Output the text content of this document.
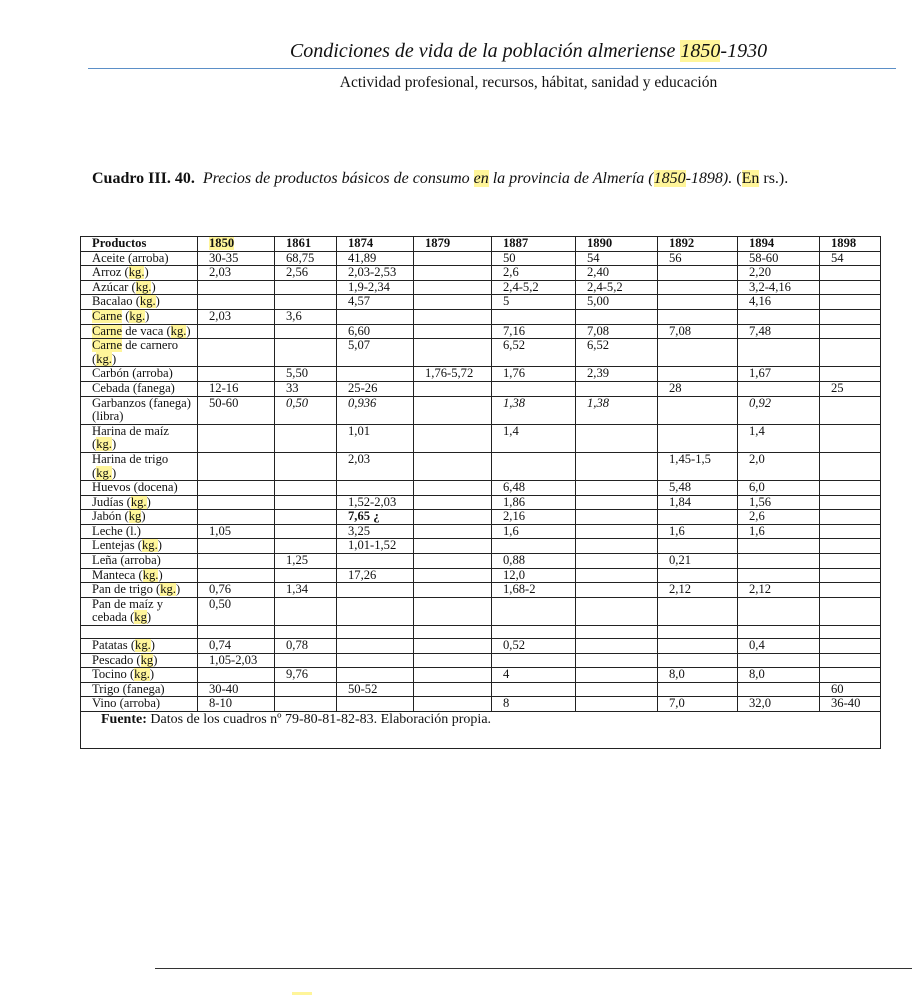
Condiciones de vida de la población almeriense 1850-1930
Actividad profesional, recursos, hábitat, sanidad y educación
Cuadro III. 40. Precios de productos básicos de consumo en la provincia de Almería (1850-1898). (En rs.).
Productos	1850	1861	1874	1879	1887	1890	1892	1894	1898
Aceite (arroba)	30-35	68,75	41,89		50	54	56	58-60	54
Arroz (kg.)	2,03	2,56	2,03-2,53		2,6	2,40		2,20	
Azúcar (kg.)			1,9-2,34		2,4-5,2	2,4-5,2		3,2-4,16	
Bacalao (kg.)			4,57		5	5,00		4,16	
Carne (kg.)	2,03	3,6							
Carne de vaca (kg.)			6,60		7,16	7,08	7,08	7,48	
Carne de carnero (kg.)			5,07		6,52	6,52			
Carbón (arroba)		5,50		1,76-5,72	1,76	2,39		1,67	
Cebada (fanega)	12-16	33	25-26				28		25
Garbanzos (fanega) (libra)	50-60	0,50	0,936		1,38	1,38		0,92	
Harina de maíz (kg.)			1,01		1,4			1,4	
Harina de trigo (kg.)			2,03				1,45-1,5	2,0	
Huevos (docena)					6,48		5,48	6,0	
Judías (kg.)			1,52-2,03		1,86		1,84	1,56	
Jabón (kg)			7,65 ¿		2,16			2,6	
Leche (l.)	1,05		3,25		1,6		1,6	1,6	
Lentejas (kg.)			1,01-1,52						
Leña (arroba)		1,25			0,88		0,21		
Manteca (kg.)			17,26		12,0				
Pan de trigo (kg.)	0,76	1,34			1,68-2		2,12	2,12	
Pan de maíz y cebada (kg)	0,50								

Patatas (kg.)	0,74	0,78			0,52			0,4	
Pescado (kg)	1,05-2,03								
Tocino (kg.)		9,76			4		8,0	8,0	
Trigo (fanega)	30-40		50-52						60
Vino (arroba)	8-10				8		7,0	32,0	36-40
Fuente: Datos de los cuadros nº 79-80-81-82-83. Elaboración propia.									
